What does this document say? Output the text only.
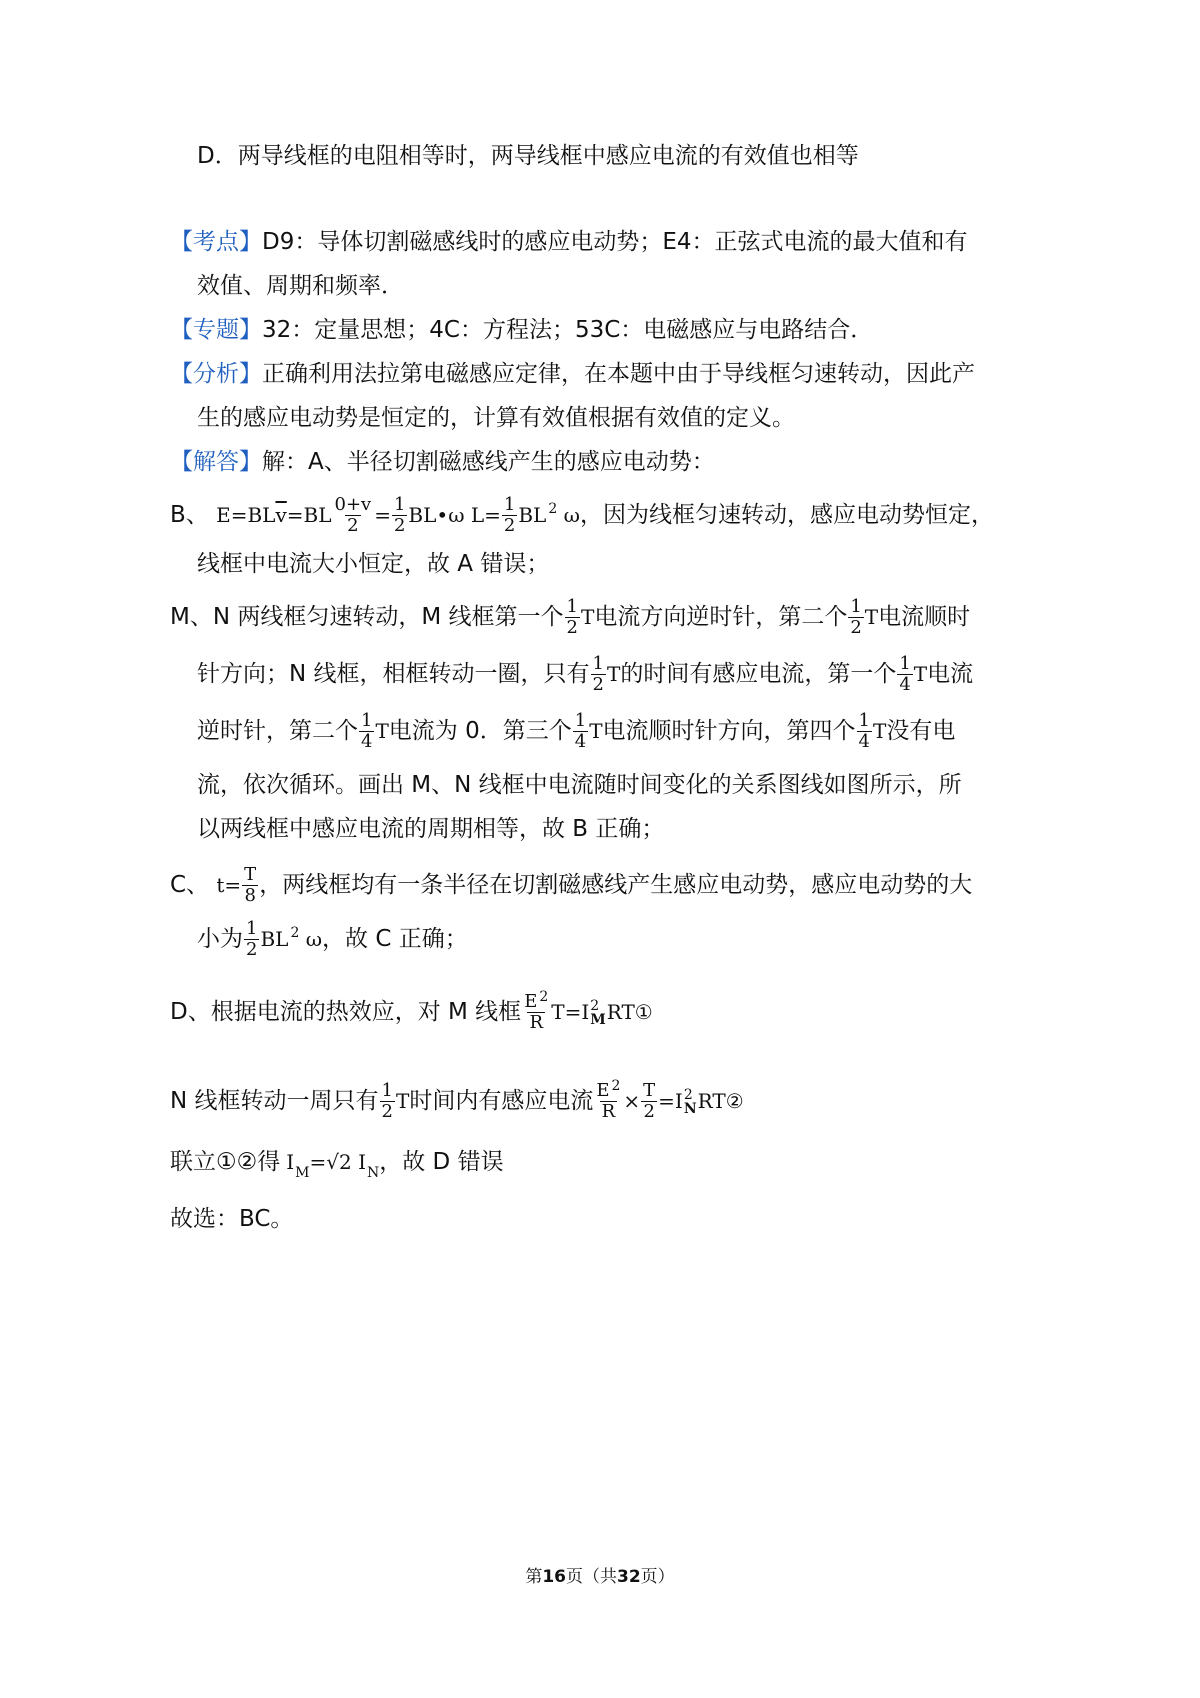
D．两导线框的电阻相等时，两导线框中感应电流的有效值也相等
【考点】D9：导体切割磁感线时的感应电动势；E4：正弦式电流的最大值和有
效值、周期和频率．
【专题】32：定量思想；4C：方程法；53C：电磁感应与电路结合．
【分析】正确利用法拉第电磁感应定律，在本题中由于导线框匀速转动，因此产
生的感应电动势是恒定的，计算有效值根据有效值的定义。
【解答】解：A、半径切割磁感线产生的感应电动势：
B、 $E=BL\overline{v}=BL \frac{0+v}{2} = \frac{1}{2}$ BL•ω $L= \frac{1}{2}$ BL $^2$ ω，因为线框匀速转动，感应电动势恒定，
线框中电流大小恒定，故 A 错误；
M、N 两线框匀速转动，M 线框第一个 $\frac{1}{2}$ T电流方向逆时针，第二个 $\frac{1}{2}$ T电流顺时
针方向；N 线框，相框转动一圈，只有 $\frac{1}{2}$ T的时间有感应电流，第一个 $\frac{1}{4}$ T电流
逆时针，第二个 $\frac{1}{4}$ T电流为 0．第三个 $\frac{1}{4}$ T电流顺时针方向，第四个 $\frac{1}{4}$ T没有电
流，依次循环。画出 M、N 线框中电流随时间变化的关系图线如图所示，所
以两线框中感应电流的周期相等，故 B 正确；
C、 $t= \frac{T}{8}$ ，两线框均有一条半径在切割磁感线产生感应电动势，感应电动势的大
小为 $\frac{1}{2}$ BL $^2$ ω，故 C 正确；
D、根据电流的热效应，对 M 线框 $\frac{E ^2}{R} T=I$ 2
M RT①
N 线框转动一周只有 $\frac{1}{2}$ T时间内有感应电流 $\frac{E ^2}{R} \times \frac{T}{2} =I$ 2
N RT②
联立①②得 $I_M=√2$ $I_N$，故 D 错误
故选：BC。
第16页（共32页）
